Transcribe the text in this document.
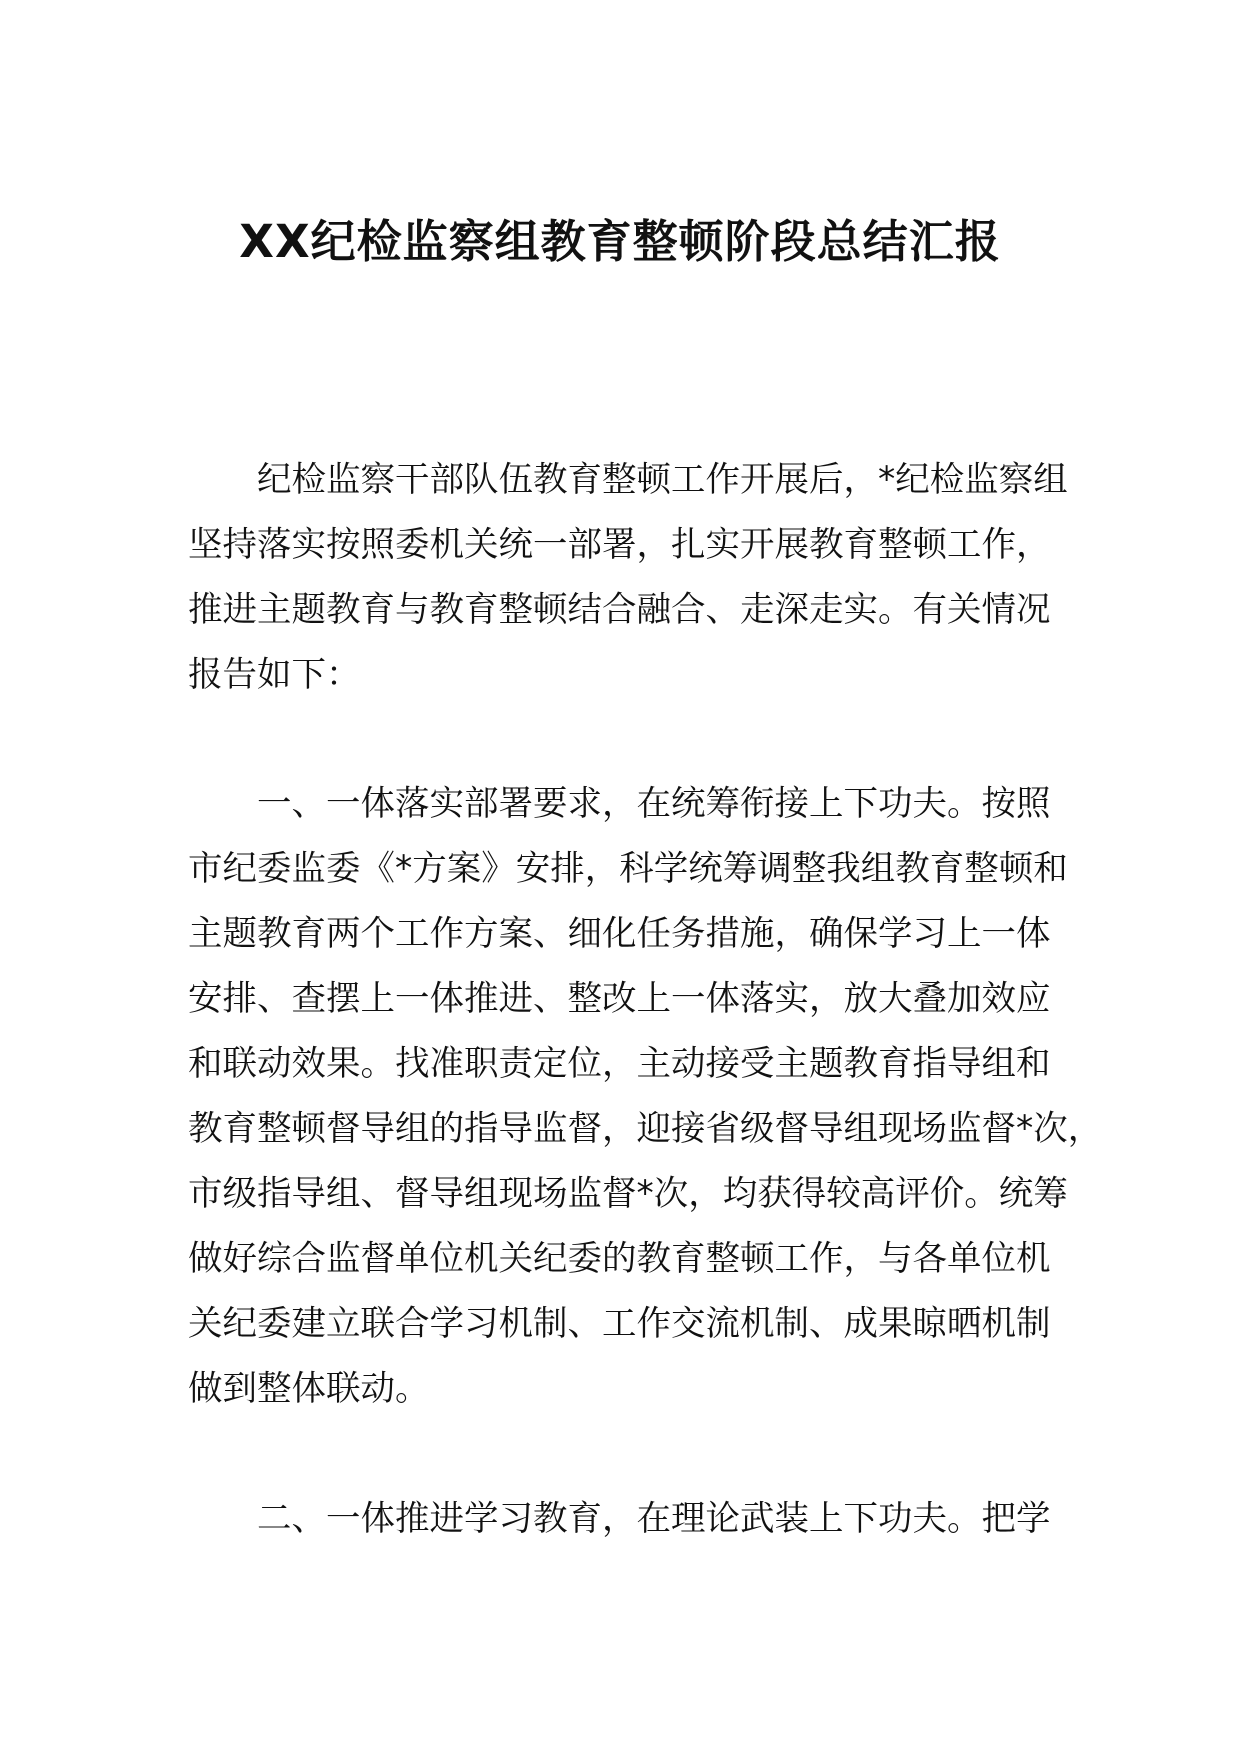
XX纪检监察组教育整顿阶段总结汇报
纪检监察干部队伍教育整顿工作开展后，*纪检监察组
坚持落实按照委机关统一部署，扎实开展教育整顿工作，
推进主题教育与教育整顿结合融合、走深走实。有关情况
报告如下：
一、一体落实部署要求，在统筹衔接上下功夫。按照
市纪委监委《*方案》安排，科学统筹调整我组教育整顿和
主题教育两个工作方案、细化任务措施，确保学习上一体
安排、查摆上一体推进、整改上一体落实，放大叠加效应
和联动效果。找准职责定位，主动接受主题教育指导组和
教育整顿督导组的指导监督，迎接省级督导组现场监督*次，
市级指导组、督导组现场监督*次，均获得较高评价。统筹
做好综合监督单位机关纪委的教育整顿工作，与各单位机
关纪委建立联合学习机制、工作交流机制、成果晾晒机制
做到整体联动。
二、一体推进学习教育，在理论武装上下功夫。把学
